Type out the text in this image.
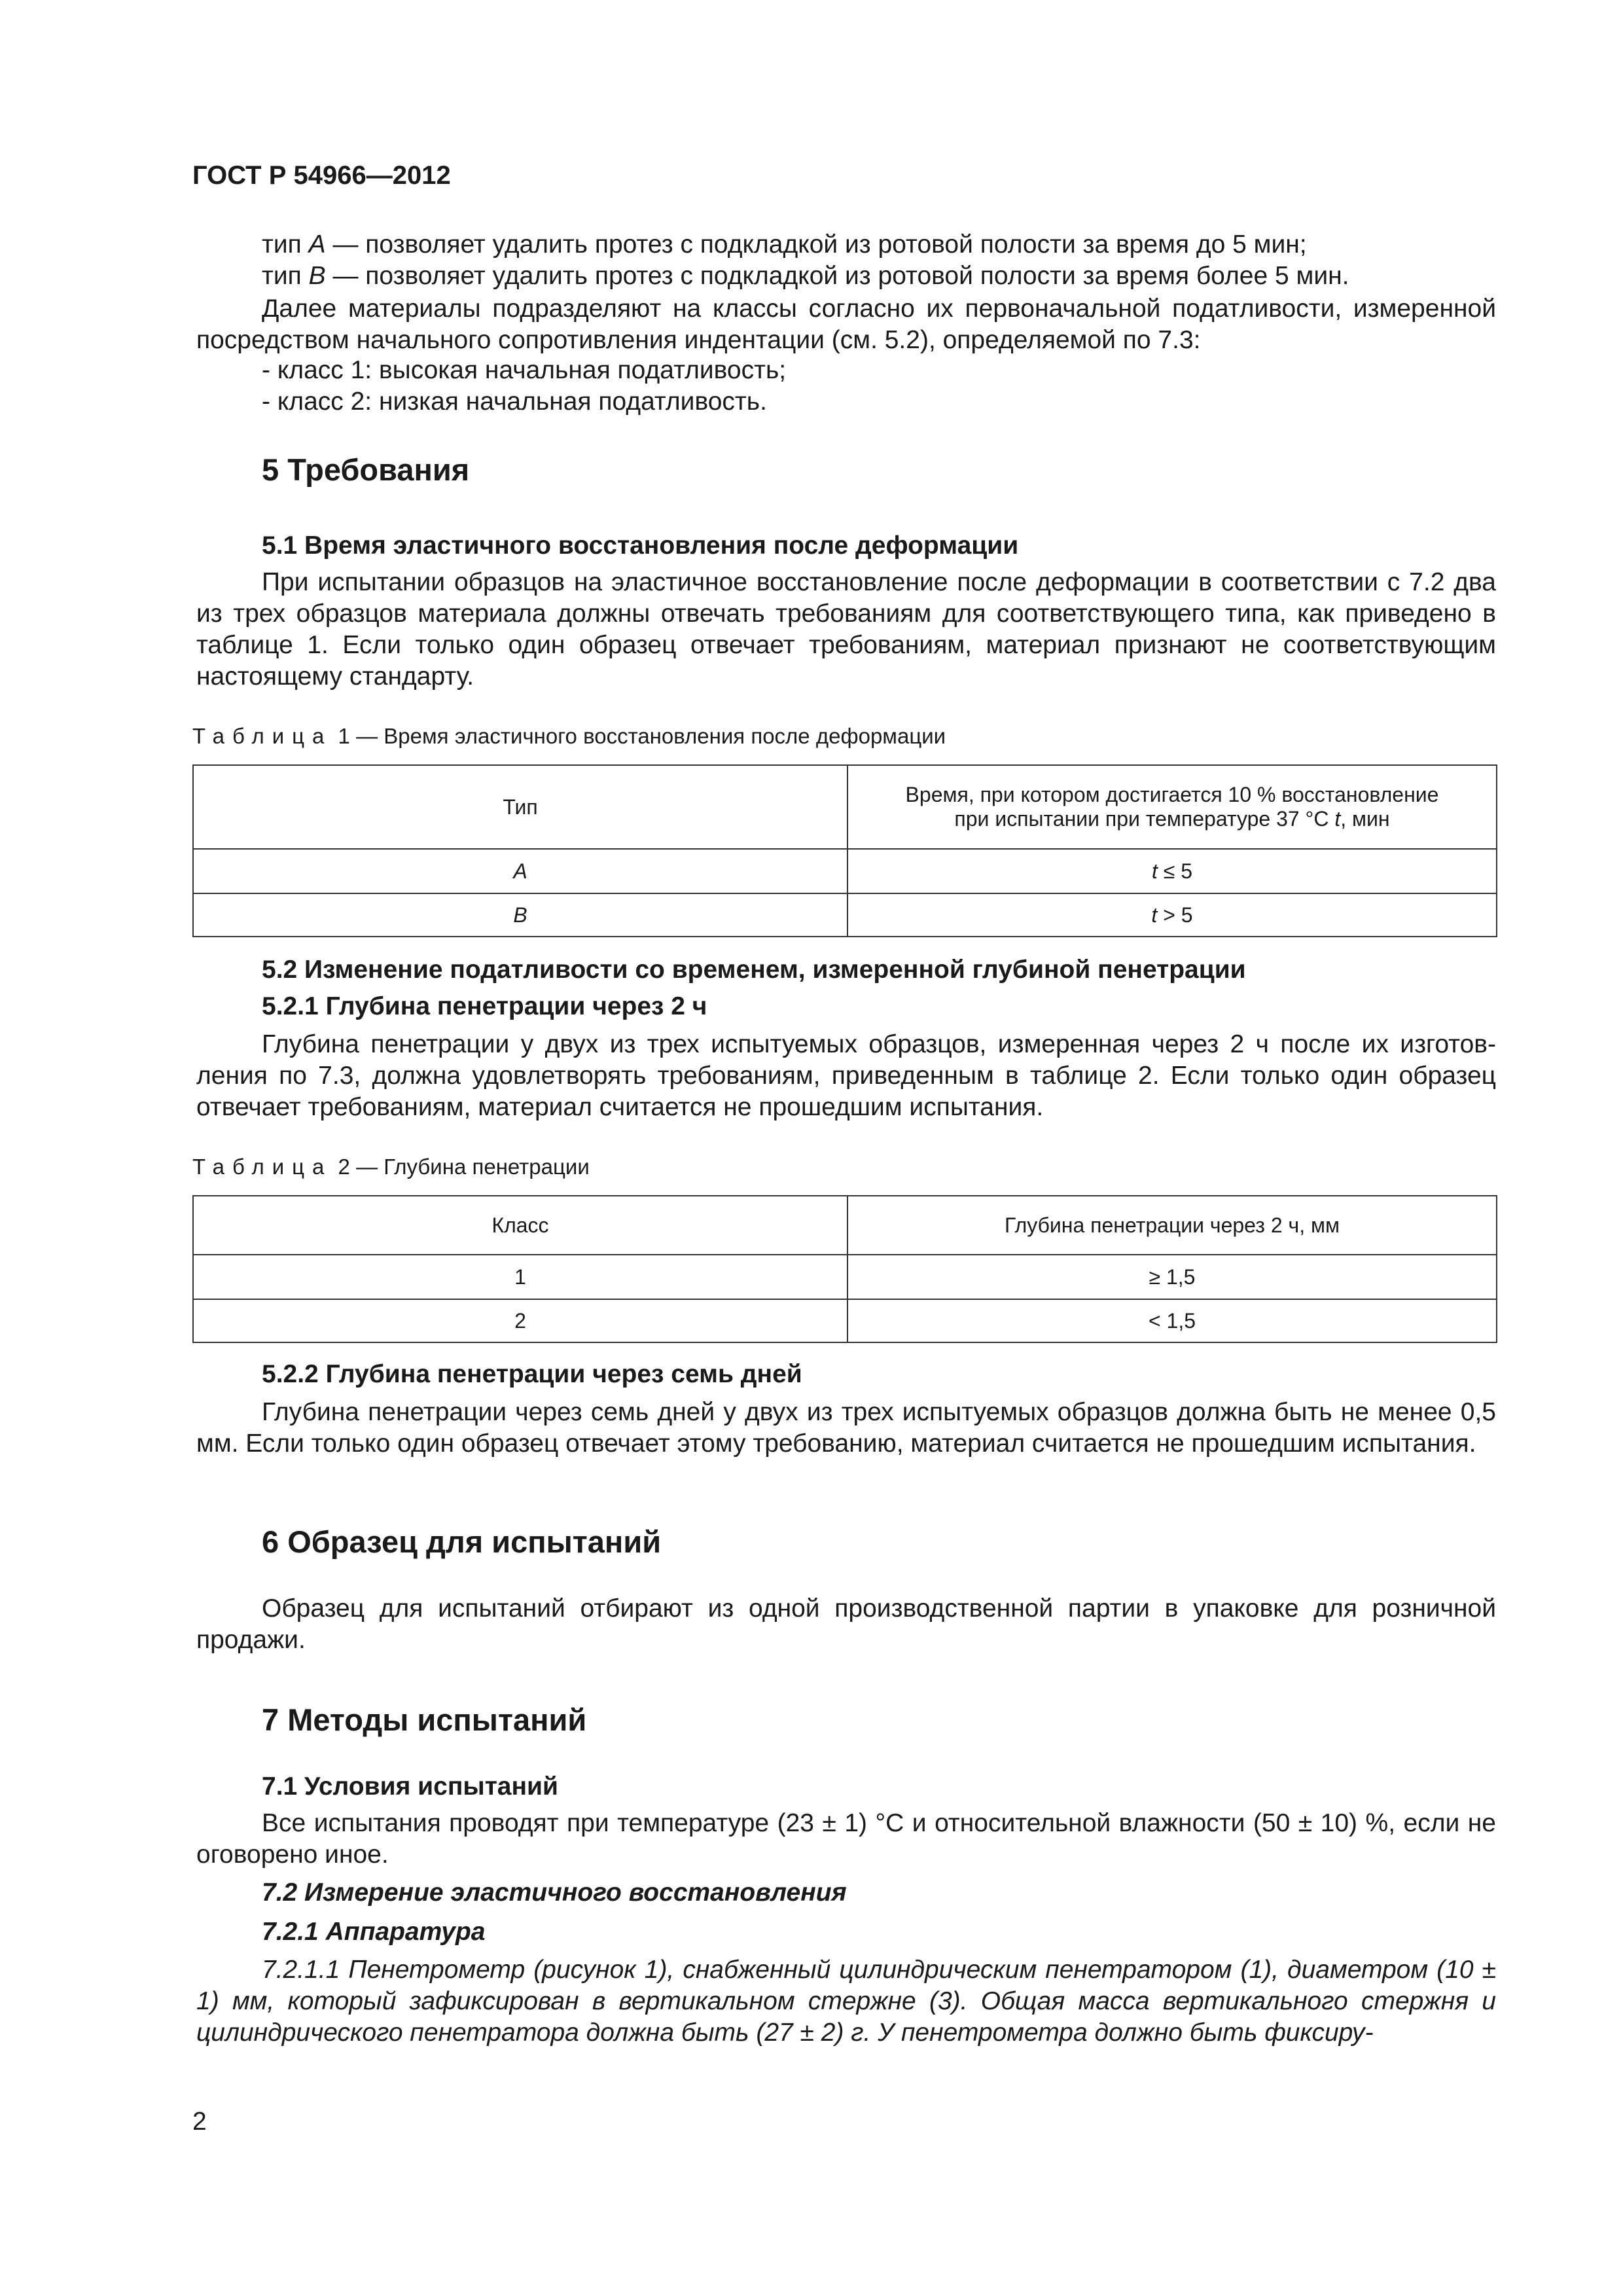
ГОСТ Р 54966—2012
тип А — позволяет удалить протез с подкладкой из ротовой полости за время до 5 мин;
тип В — позволяет удалить протез с подкладкой из ротовой полости за время более 5 мин.
Далее материалы подразделяют на классы согласно их первоначальной податливости, измеренной посредством начального сопротивления индентации (см. 5.2), определяемой по 7.3:
- класс 1: высокая начальная податливость;
- класс 2: низкая начальная податливость.
5 Требования
5.1 Время эластичного восстановления после деформации
При испытании образцов на эластичное восстановление после деформации в соответствии с 7.2 два из трех образцов материала должны отвечать требованиям для соответствующего типа, как приведено в таблице 1. Если только один образец отвечает требованиям, материал признают не соответствующим настоящему стандарту.
Таблица 1 — Время эластичного восстановления после деформации
Тип	Время, при котором достигается 10 % восстановление
при испытании при температуре 37 °С t, мин

А	t ≤ 5
В	t > 5
5.2 Изменение податливости со временем, измеренной глубиной пенетрации
5.2.1 Глубина пенетрации через 2 ч
Глубина пенетрации у двух из трех испытуемых образцов, измеренная через 2 ч после их изготовления по 7.3, должна удовлетворять требованиям, приведенным в таблице 2. Если только один образец отвечает требованиям, материал считается не прошедшим испытания.
Таблица 2 — Глубина пенетрации
Класс	Глубина пенетрации через 2 ч, мм
1	≥ 1,5
2	< 1,5
5.2.2 Глубина пенетрации через семь дней
Глубина пенетрации через семь дней у двух из трех испытуемых образцов должна быть не менее 0,5 мм. Если только один образец отвечает этому требованию, материал считается не прошедшим испытания.
6 Образец для испытаний
Образец для испытаний отбирают из одной производственной партии в упаковке для розничной продажи.
7 Методы испытаний
7.1 Условия испытаний
Все испытания проводят при температуре (23 ± 1) °С и относительной влажности (50 ± 10) %, если не оговорено иное.
7.2 Измерение эластичного восстановления
7.2.1 Аппаратура
7.2.1.1 Пенетрометр (рисунок 1), снабженный цилиндрическим пенетратором (1), диаметром (10 ± 1) мм, который зафиксирован в вертикальном стержне (3). Общая масса вертикального стержня и цилиндрического пенетратора должна быть (27 ± 2) г. У пенетрометра должно быть фиксиру-
2
